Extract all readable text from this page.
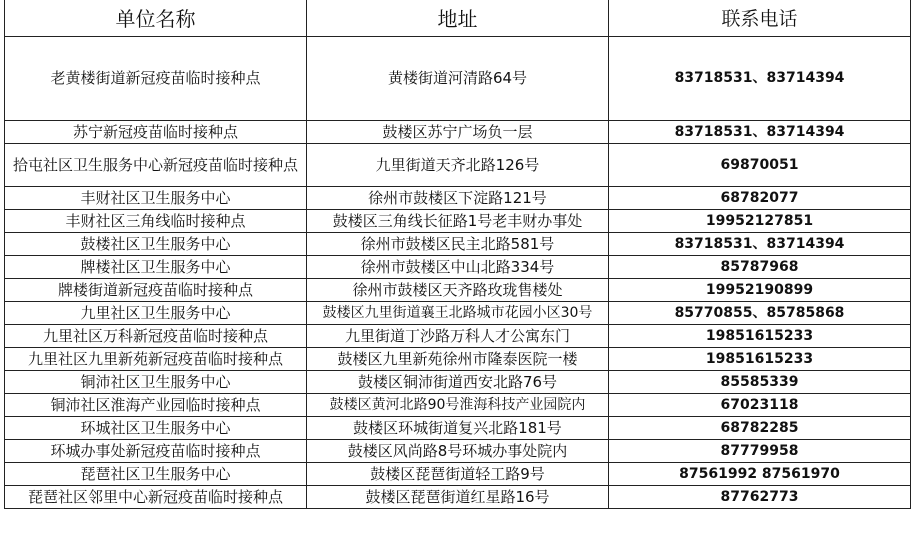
单位名称	地址	联系电话
老黄楼街道新冠疫苗临时接种点	黄楼街道河清路64号	83718531、83714394
苏宁新冠疫苗临时接种点	鼓楼区苏宁广场负一层	83718531、83714394
拾屯社区卫生服务中心新冠疫苗临时接种点	九里街道天齐北路126号	69870051
丰财社区卫生服务中心	徐州市鼓楼区下淀路121号	68782077
丰财社区三角线临时接种点	鼓楼区三角线长征路1号老丰财办事处	19952127851
鼓楼社区卫生服务中心	徐州市鼓楼区民主北路581号	83718531、83714394
牌楼社区卫生服务中心	徐州市鼓楼区中山北路334号	85787968
牌楼街道新冠疫苗临时接种点	徐州市鼓楼区天齐路玫珑售楼处	19952190899
九里社区卫生服务中心	鼓楼区九里街道襄王北路城市花园小区30号	85770855、85785868
九里社区万科新冠疫苗临时接种点	九里街道丁沙路万科人才公寓东门	19851615233
九里社区九里新苑新冠疫苗临时接种点	鼓楼区九里新苑徐州市隆泰医院一楼	19851615233
铜沛社区卫生服务中心	鼓楼区铜沛街道西安北路76号	85585339
铜沛社区淮海产业园临时接种点	鼓楼区黄河北路90号淮海科技产业园院内	67023118
环城社区卫生服务中心	鼓楼区环城街道复兴北路181号	68782285
环城办事处新冠疫苗临时接种点	鼓楼区风尚路8号环城办事处院内	87779958
琵琶社区卫生服务中心	鼓楼区琵琶街道轻工路9号	87561992 87561970
琵琶社区邻里中心新冠疫苗临时接种点	鼓楼区琵琶街道红星路16号	87762773
